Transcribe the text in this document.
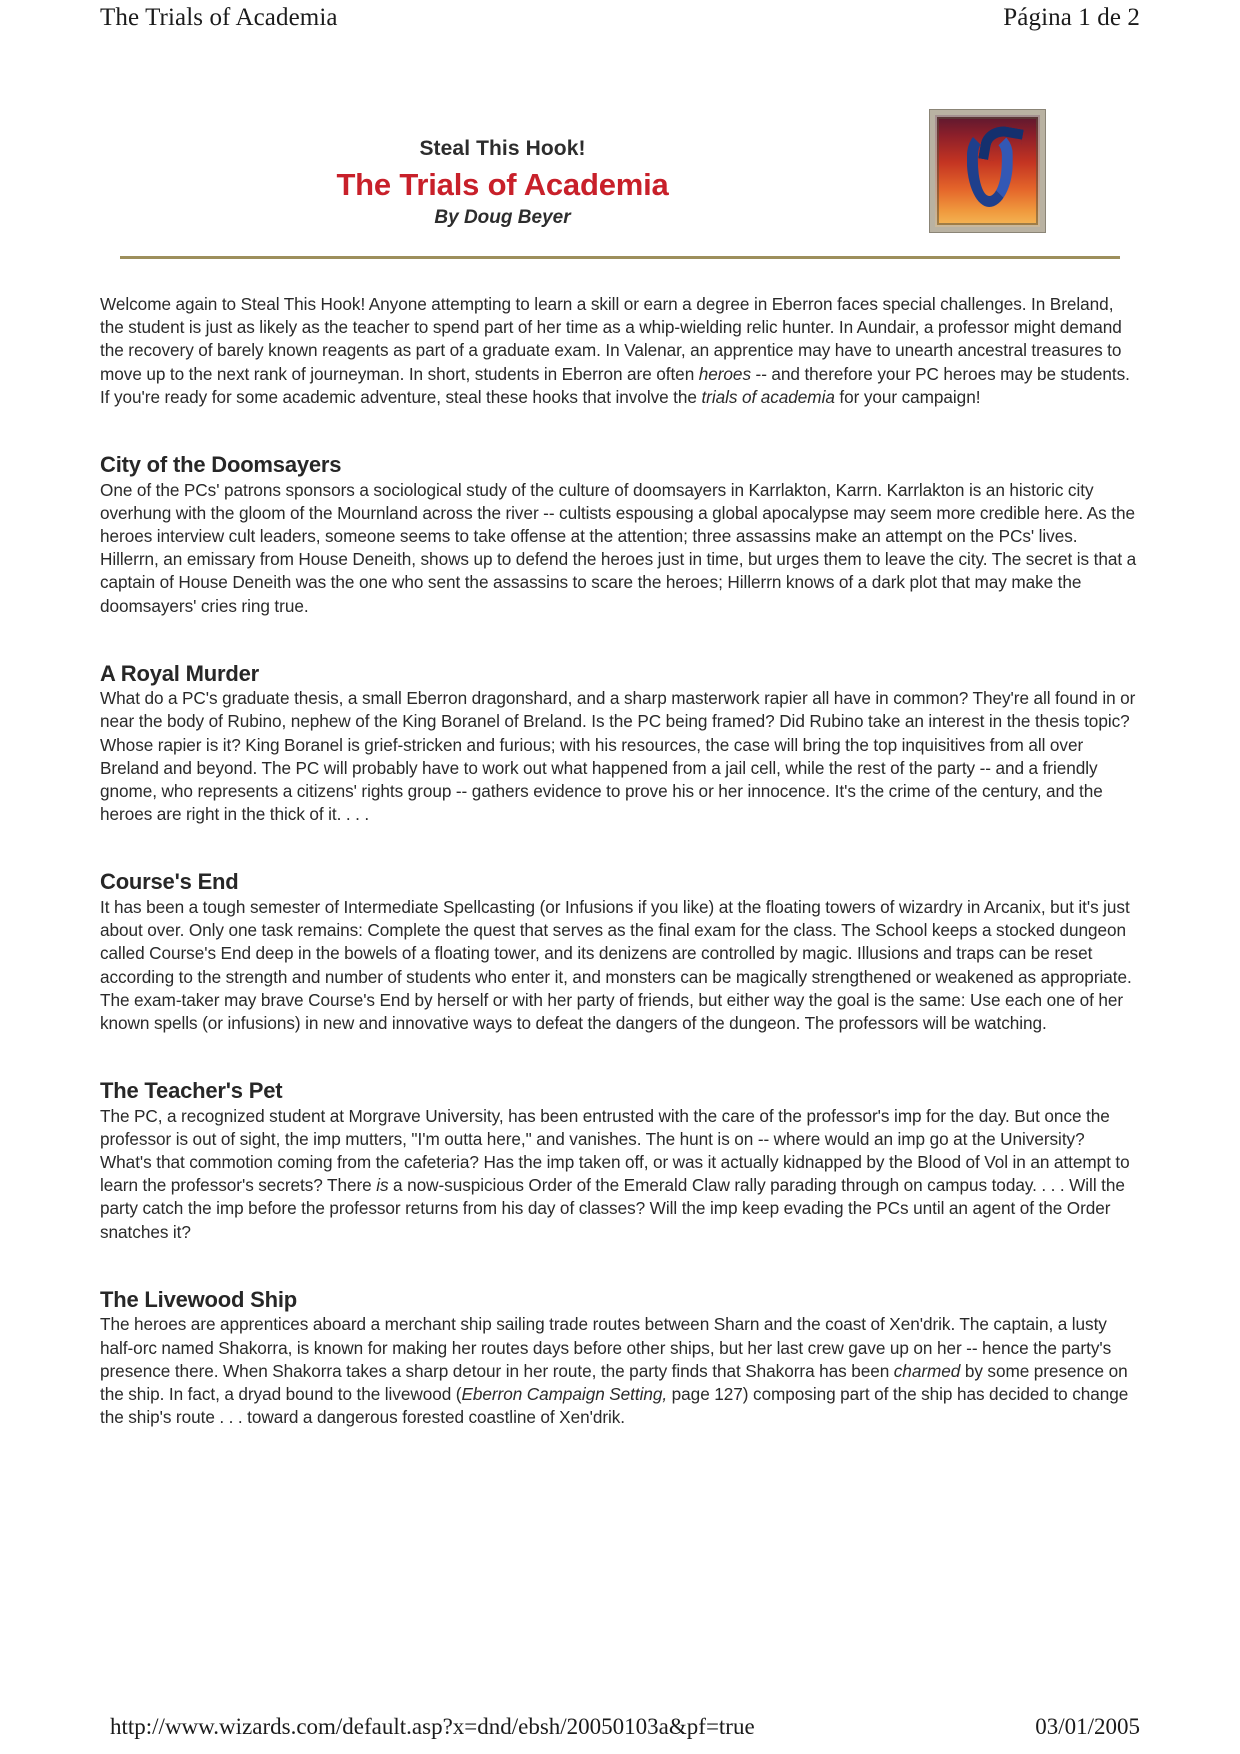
The Trials of Academia	Página 1 de 2
Steal This Hook!
The Trials of Academia
By Doug Beyer

Welcome again to Steal This Hook! Anyone attempting to learn a skill or earn a degree in Eberron faces special challenges. In Breland, the student is just as likely as the teacher to spend part of her time as a whip-wielding relic hunter. In Aundair, a professor might demand the recovery of barely known reagents as part of a graduate exam. In Valenar, an apprentice may have to unearth ancestral treasures to move up to the next rank of journeyman. In short, students in Eberron are often heroes -- and therefore your PC heroes may be students. If you're ready for some academic adventure, steal these hooks that involve the trials of academia for your campaign!

City of the Doomsayers

One of the PCs' patrons sponsors a sociological study of the culture of doomsayers in Karrlakton, Karrn. Karrlakton is an historic city overhung with the gloom of the Mournland across the river -- cultists espousing a global apocalypse may seem more credible here. As the heroes interview cult leaders, someone seems to take offense at the attention; three assassins make an attempt on the PCs' lives. Hillerrn, an emissary from House Deneith, shows up to defend the heroes just in time, but urges them to leave the city. The secret is that a captain of House Deneith was the one who sent the assassins to scare the heroes; Hillerrn knows of a dark plot that may make the doomsayers' cries ring true.

A Royal Murder

What do a PC's graduate thesis, a small Eberron dragonshard, and a sharp masterwork rapier all have in common? They're all found in or near the body of Rubino, nephew of the King Boranel of Breland. Is the PC being framed? Did Rubino take an interest in the thesis topic? Whose rapier is it? King Boranel is grief-stricken and furious; with his resources, the case will bring the top inquisitives from all over Breland and beyond. The PC will probably have to work out what happened from a jail cell, while the rest of the party -- and a friendly gnome, who represents a citizens' rights group -- gathers evidence to prove his or her innocence. It's the crime of the century, and the heroes are right in the thick of it. . . .

Course's End

It has been a tough semester of Intermediate Spellcasting (or Infusions if you like) at the floating towers of wizardry in Arcanix, but it's just about over. Only one task remains: Complete the quest that serves as the final exam for the class. The School keeps a stocked dungeon called Course's End deep in the bowels of a floating tower, and its denizens are controlled by magic. Illusions and traps can be reset according to the strength and number of students who enter it, and monsters can be magically strengthened or weakened as appropriate. The exam-taker may brave Course's End by herself or with her party of friends, but either way the goal is the same: Use each one of her known spells (or infusions) in new and innovative ways to defeat the dangers of the dungeon. The professors will be watching.

The Teacher's Pet

The PC, a recognized student at Morgrave University, has been entrusted with the care of the professor's imp for the day. But once the professor is out of sight, the imp mutters, "I'm outta here," and vanishes. The hunt is on -- where would an imp go at the University? What's that commotion coming from the cafeteria? Has the imp taken off, or was it actually kidnapped by the Blood of Vol in an attempt to learn the professor's secrets? There is a now-suspicious Order of the Emerald Claw rally parading through on campus today. . . . Will the party catch the imp before the professor returns from his day of classes? Will the imp keep evading the PCs until an agent of the Order snatches it?

The Livewood Ship

The heroes are apprentices aboard a merchant ship sailing trade routes between Sharn and the coast of Xen'drik. The captain, a lusty half-orc named Shakorra, is known for making her routes days before other ships, but her last crew gave up on her -- hence the party's presence there. When Shakorra takes a sharp detour in her route, the party finds that Shakorra has been charmed by some presence on the ship. In fact, a dryad bound to the livewood (Eberron Campaign Setting, page 127) composing part of the ship has decided to change the ship's route . . . toward a dangerous forested coastline of Xen'drik.

http://www.wizards.com/default.asp?x=dnd/ebsh/20050103a&pf=true	03/01/2005
